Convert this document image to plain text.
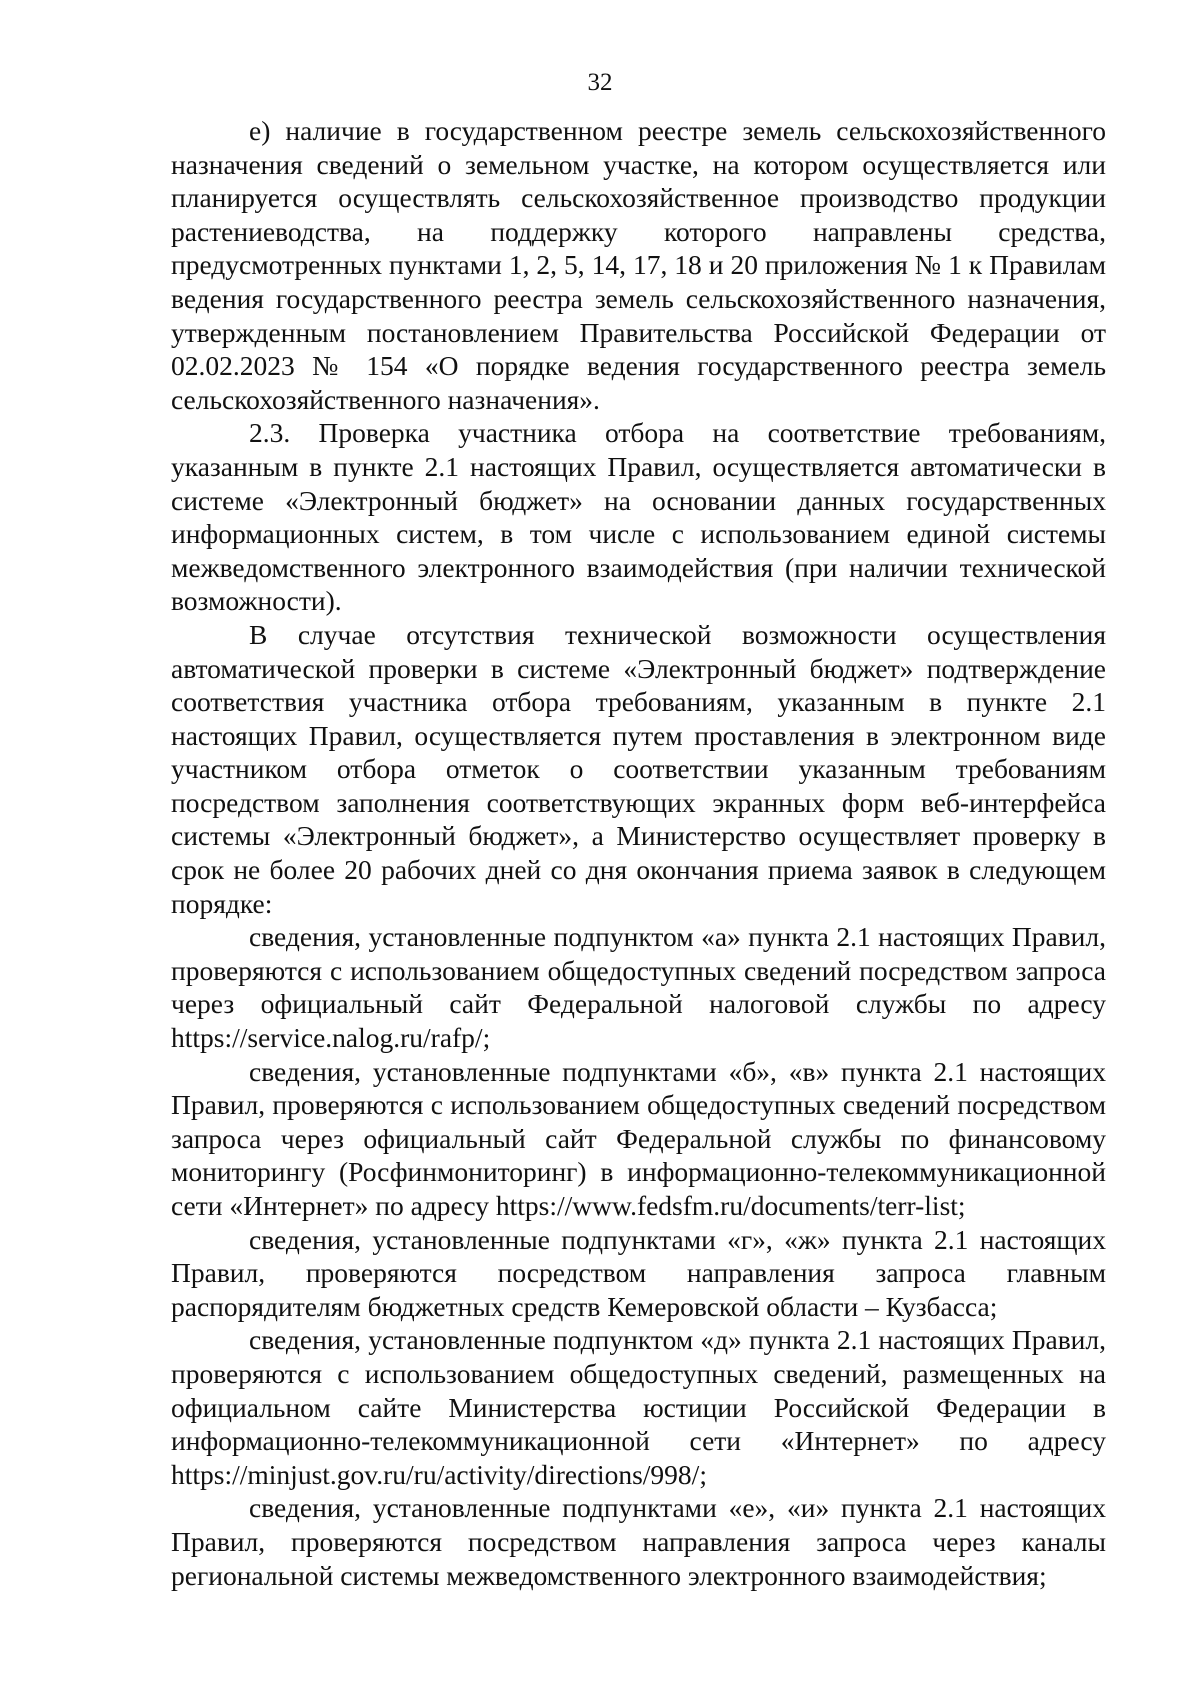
32

е) наличие в государственном реестре земель сельскохозяйственного назначения сведений о земельном участке, на котором осуществляется или планируется осуществлять сельскохозяйственное производство продукции растениеводства, на поддержку которого направлены средства, предусмотренных пунктами 1, 2, 5, 14, 17, 18 и 20 приложения № 1 к Правилам ведения государственного реестра земель сельскохозяйственного назначения, утвержденным постановлением Правительства Российской Федерации от 02.02.2023 № 154 «О порядке ведения государственного реестра земель сельскохозяйственного назначения».

2.3. Проверка участника отбора на соответствие требованиям, указанным в пункте 2.1 настоящих Правил, осуществляется автоматически в системе «Электронный бюджет» на основании данных государственных информационных систем, в том числе с использованием единой системы межведомственного электронного взаимодействия (при наличии технической возможности).

В случае отсутствия технической возможности осуществления автоматической проверки в системе «Электронный бюджет» подтверждение соответствия участника отбора требованиям, указанным в пункте 2.1 настоящих Правил, осуществляется путем проставления в электронном виде участником отбора отметок о соответствии указанным требованиям посредством заполнения соответствующих экранных форм веб-интерфейса системы «Электронный бюджет», а Министерство осуществляет проверку в срок не более 20 рабочих дней со дня окончания приема заявок в следующем порядке:

сведения, установленные подпунктом «а» пункта 2.1 настоящих Правил, проверяются с использованием общедоступных сведений посредством запроса через официальный сайт Федеральной налоговой службы по адресу https://service.nalog.ru/rafp/;

сведения, установленные подпунктами «б», «в» пункта 2.1 настоящих Правил, проверяются с использованием общедоступных сведений посредством запроса через официальный сайт Федеральной службы по финансовому мониторингу (Росфинмониторинг) в информационно-телекоммуникационной сети «Интернет» по адресу https://www.fedsfm.ru/documents/terr-list;

сведения, установленные подпунктами «г», «ж» пункта 2.1 настоящих Правил, проверяются посредством направления запроса главным распорядителям бюджетных средств Кемеровской области – Кузбасса;

сведения, установленные подпунктом «д» пункта 2.1 настоящих Правил, проверяются с использованием общедоступных сведений, размещенных на официальном сайте Министерства юстиции Российской Федерации в информационно-телекоммуникационной сети «Интернет» по адресу https://minjust.gov.ru/ru/activity/directions/998/;

сведения, установленные подпунктами «е», «и» пункта 2.1 настоящих Правил, проверяются посредством направления запроса через каналы региональной системы межведомственного электронного взаимодействия;
